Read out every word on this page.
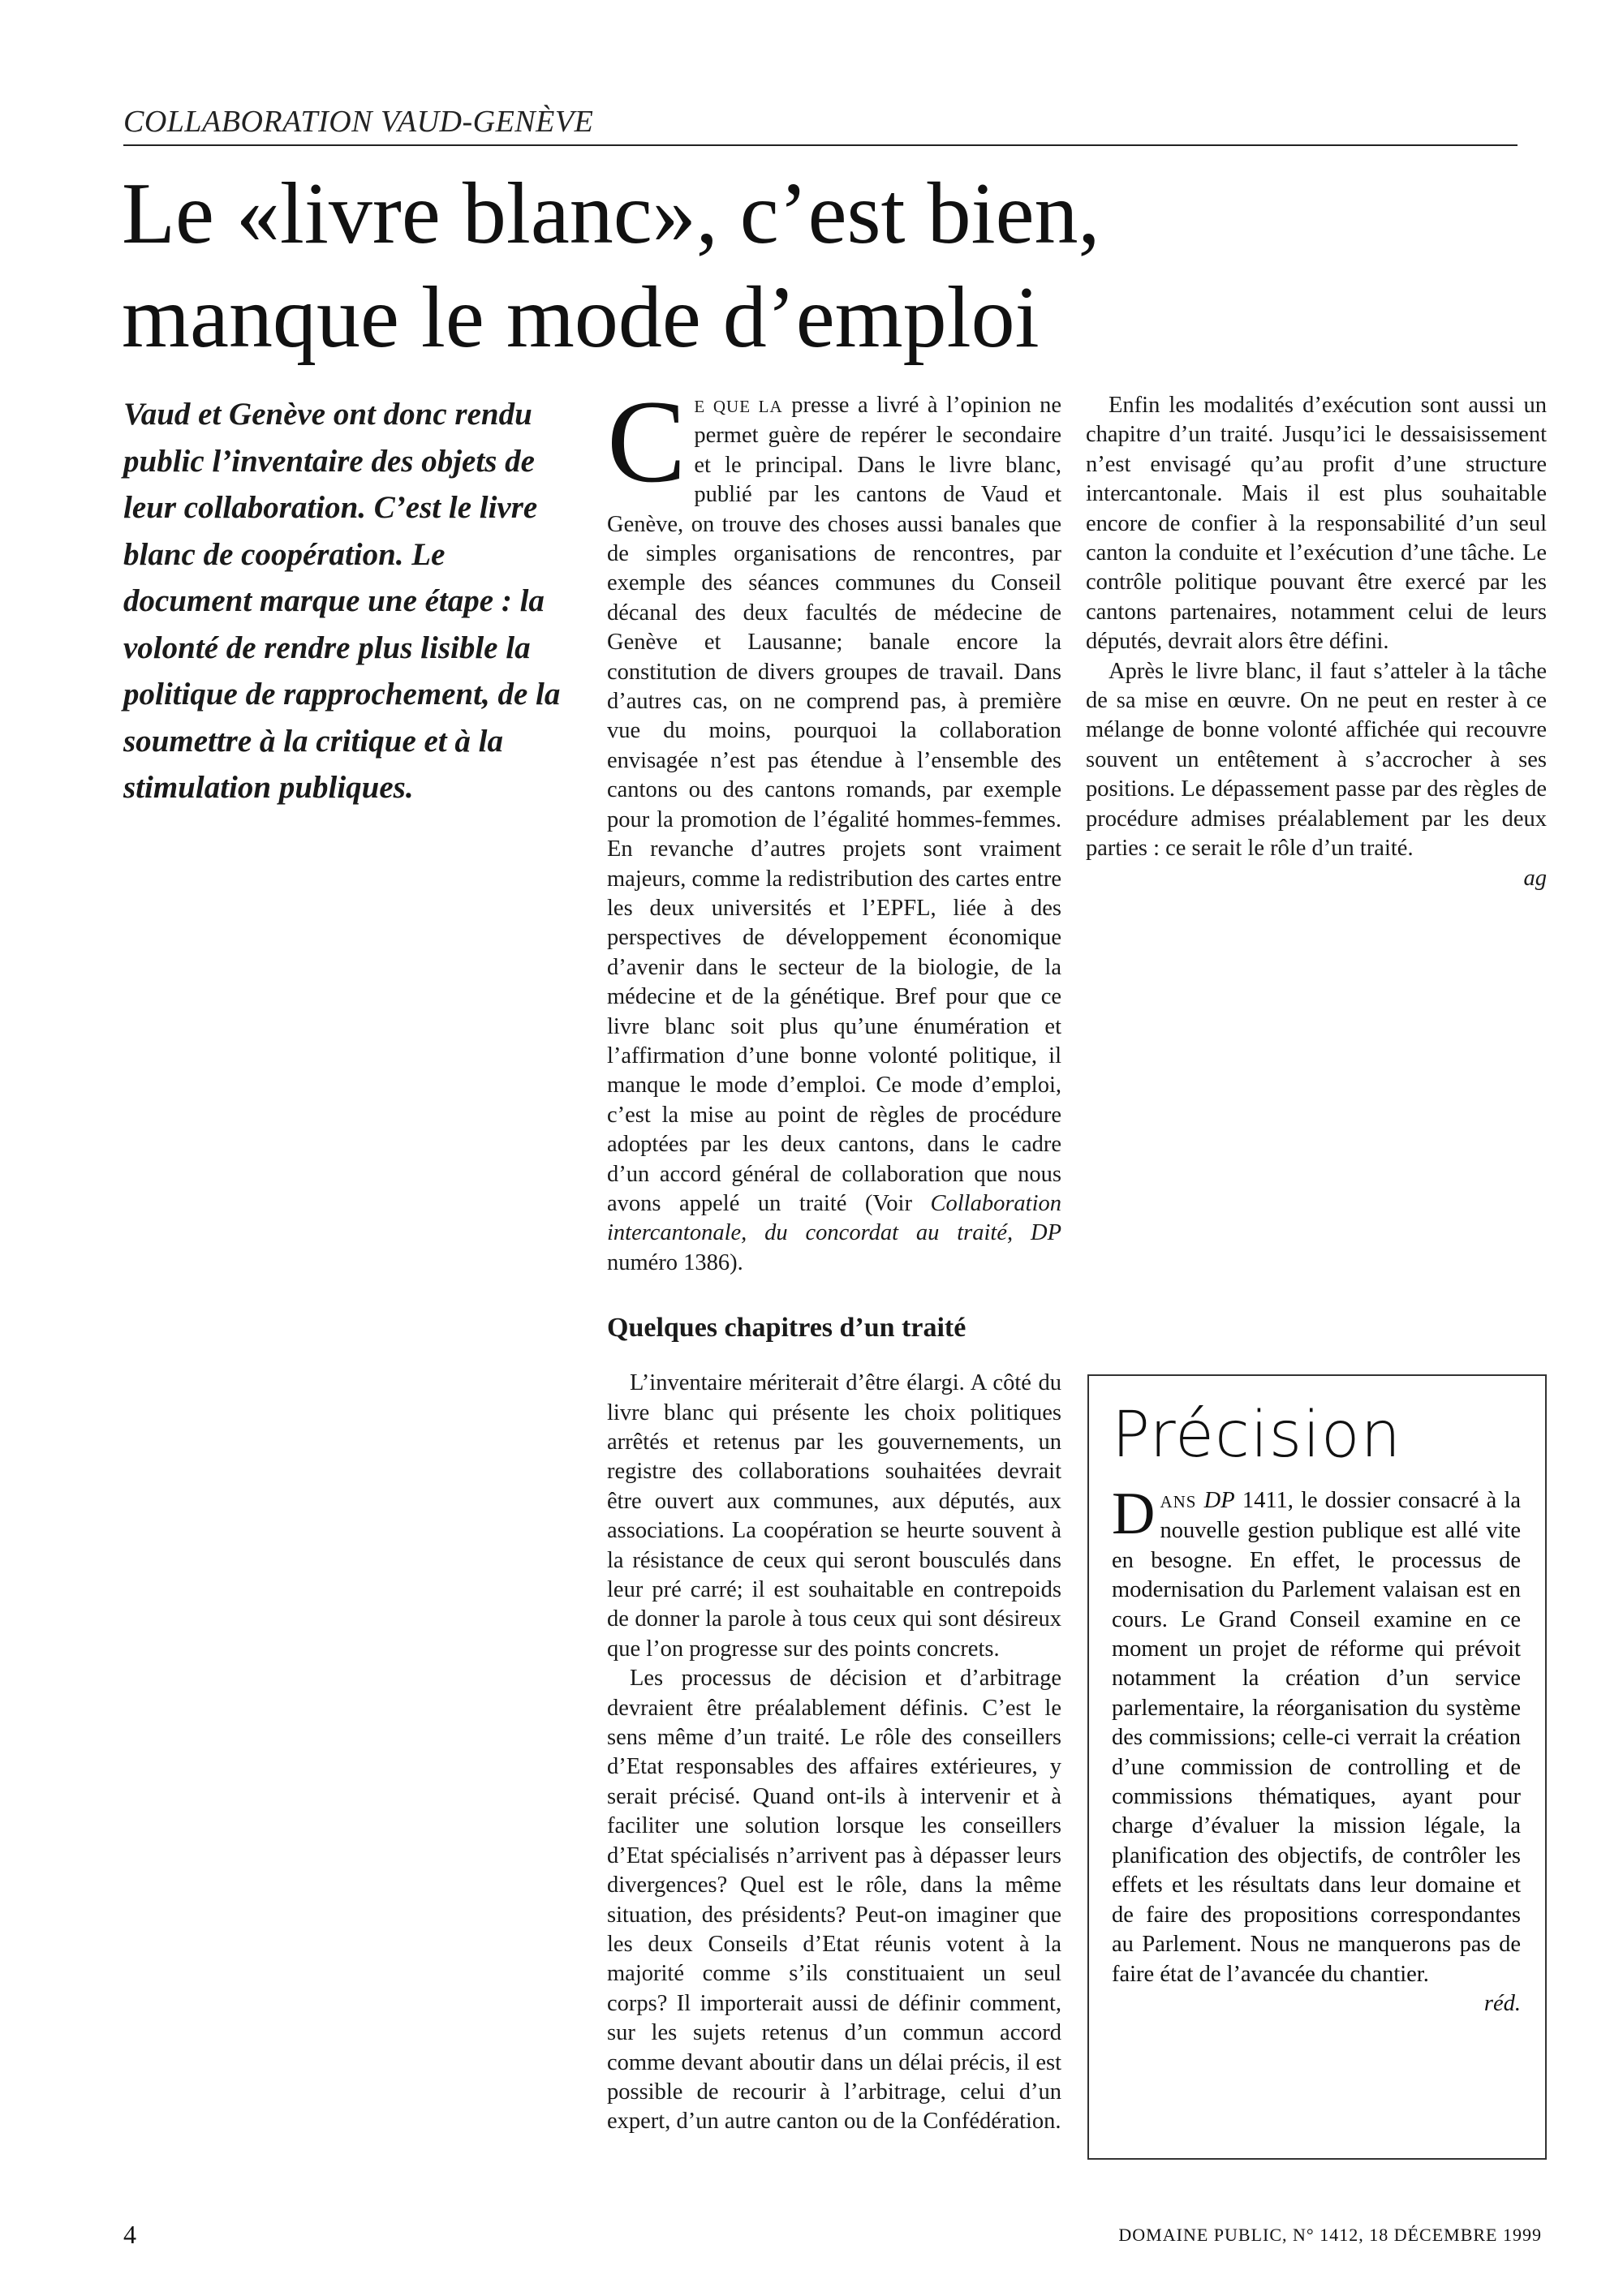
COLLABORATION VAUD-GENÈVE
Le «livre blanc», c’est bien,
manque le mode d’emploi
Vaud et Genève ont donc rendu public l’inventaire des objets de leur collaboration. C’est le livre blanc de coopération. Le document marque une étape : la volonté de rendre plus lisible la politique de rapprochement, de la soumettre à la critique et à la stimulation publiques.

C E QUE LA presse a livré à l’opinion ne permet guère de repérer le secondaire et le principal. Dans le livre blanc, publié par les cantons de Vaud et Genève, on trouve des choses aussi banales que de simples organisations de rencontres, par exemple des séances communes du Conseil décanal des deux facultés de médecine de Genève et Lausanne; banale encore la constitution de divers groupes de travail. Dans d’autres cas, on ne comprend pas, à première vue du moins, pourquoi la collaboration envisagée n’est pas étendue à l’ensemble des cantons ou des cantons romands, par exemple pour la promotion de l’égalité hommes-femmes. En revanche d’autres projets sont vraiment majeurs, comme la redistribution des cartes entre les deux universités et l’EPFL, liée à des perspectives de développement économique d’avenir dans le secteur de la biologie, de la médecine et de la génétique. Bref pour que ce livre blanc soit plus qu’une énumération et l’affirmation d’une bonne volonté politique, il manque le mode d’emploi. Ce mode d’emploi, c’est la mise au point de règles de procédure adoptées par les deux cantons, dans le cadre d’un accord général de collaboration que nous avons appelé un traité (Voir Collaboration intercantonale, du concordat au traité, DP numéro 1386).

Quelques chapitres d’un traité

L’inventaire mériterait d’être élargi. A côté du livre blanc qui présente les choix politiques arrêtés et retenus par les gouvernements, un registre des collaborations souhaitées devrait être ouvert aux communes, aux députés, aux associations. La coopération se heurte souvent à la résistance de ceux qui seront bousculés dans leur pré carré; il est souhaitable en contrepoids de donner la parole à tous ceux qui sont désireux que l’on progresse sur des points concrets.

Les processus de décision et d’arbitrage devraient être préalablement définis. C’est le sens même d’un traité. Le rôle des conseillers d’Etat responsables des affaires extérieures, y serait précisé. Quand ont-ils à intervenir et à faciliter une solution lorsque les conseillers d’Etat spécialisés n’arrivent pas à dépasser leurs divergences? Quel est le rôle, dans la même situation, des présidents? Peut-on imaginer que les deux Conseils d’Etat réunis votent à la majorité comme s’ils constituaient un seul corps? Il importerait aussi de définir comment, sur les sujets retenus d’un commun accord comme devant aboutir dans un délai précis, il est possible de recourir à l’arbitrage, celui d’un expert, d’un autre canton ou de la Confédération.

Enfin les modalités d’exécution sont aussi un chapitre d’un traité. Jusqu’ici le dessaisissement n’est envisagé qu’au profit d’une structure intercantonale. Mais il est plus souhaitable encore de confier à la responsabilité d’un seul canton la conduite et l’exécution d’une tâche. Le contrôle politique pouvant être exercé par les cantons partenaires, notamment celui de leurs députés, devrait alors être défini.

Après le livre blanc, il faut s’atteler à la tâche de sa mise en œuvre. On ne peut en rester à ce mélange de bonne volonté affichée qui recouvre souvent un entêtement à s’accrocher à ses positions. Le dépassement passe par des règles de procédure admises préalablement par les deux parties : ce serait le rôle d’un traité.

ag

Précision

DANS DP 1411, le dossier consacré à la nouvelle gestion publique est allé vite en besogne. En effet, le processus de modernisation du Parlement valaisan est en cours. Le Grand Conseil examine en ce moment un projet de réforme qui prévoit notamment la création d’un service parlementaire, la réorganisation du système des commissions; celle-ci verrait la création d’une commission de controlling et de commissions thématiques, ayant pour charge d’évaluer la mission légale, la planification des objectifs, de contrôler les effets et les résultats dans leur domaine et de faire des propositions correspondantes au Parlement. Nous ne manquerons pas de faire état de l’avancée du chantier.

réd.

4	DOMAINE PUBLIC, N° 1412, 18 DÉCEMBRE 1999
